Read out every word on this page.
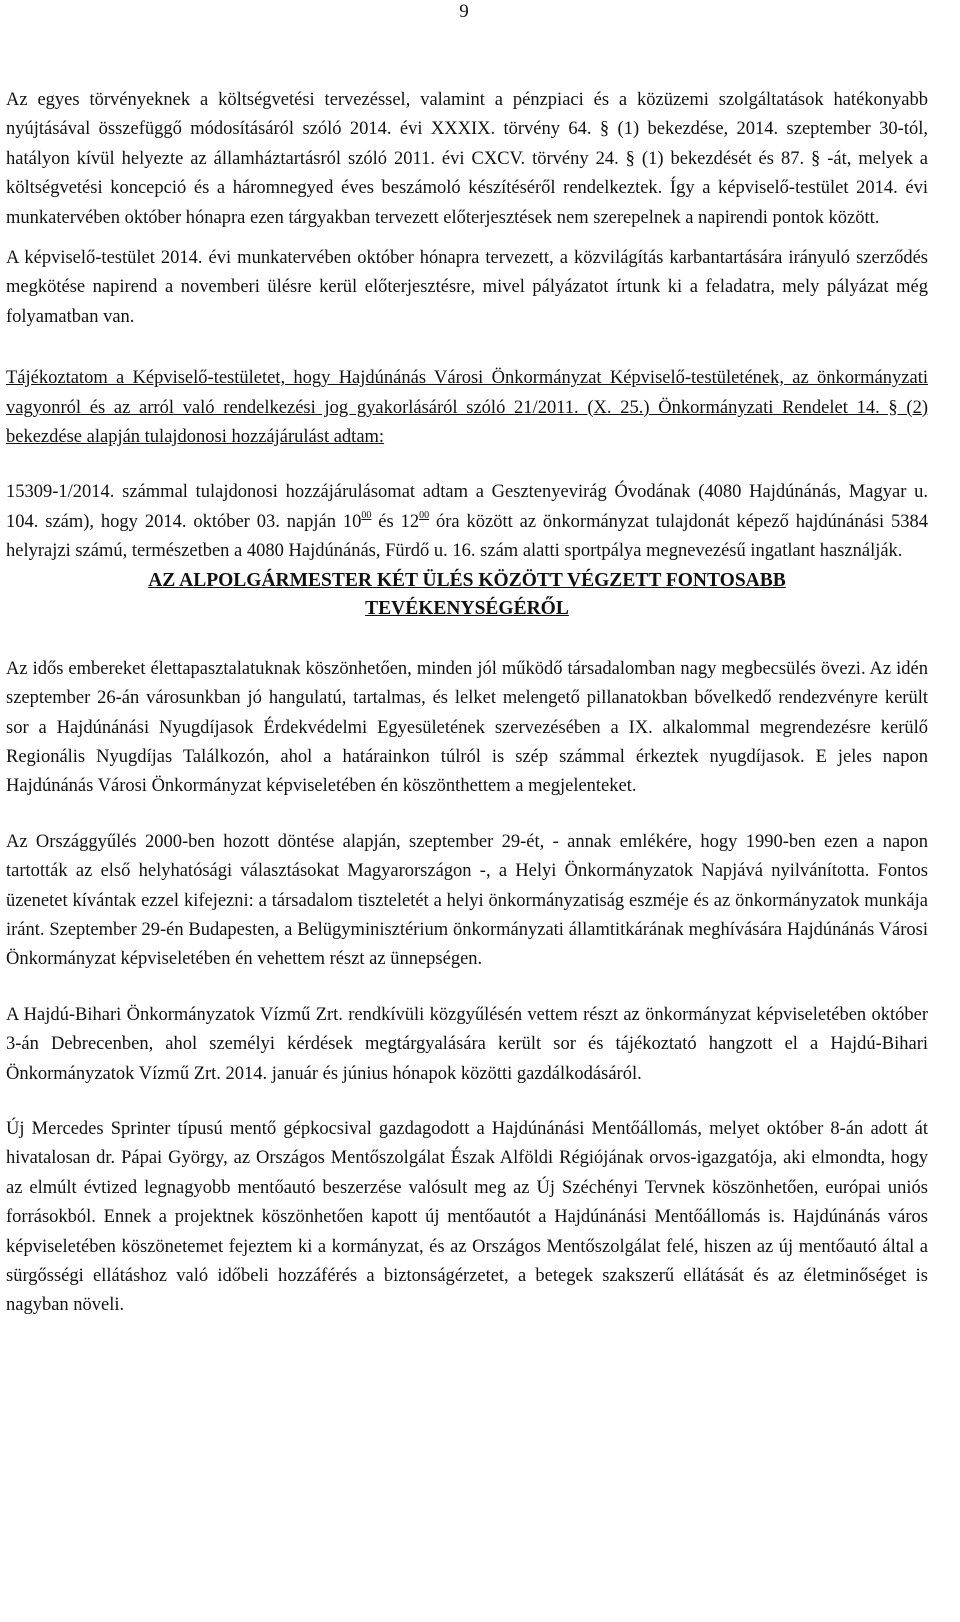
9

Az egyes törvényeknek a költségvetési tervezéssel, valamint a pénzpiaci és a közüzemi szolgáltatások hatékonyabb nyújtásával összefüggő módosításáról szóló 2014. évi XXXIX. törvény 64. § (1) bekezdése, 2014. szeptember 30-tól, hatályon kívül helyezte az államháztartásról szóló 2011. évi CXCV. törvény 24. § (1) bekezdését és 87. § -át, melyek a költségvetési koncepció és a háromnegyed éves beszámoló készítéséről rendelkeztek. Így a képviselő-testület 2014. évi munkatervében október hónapra ezen tárgyakban tervezett előterjesztések nem szerepelnek a napirendi pontok között.

A képviselő-testület 2014. évi munkatervében október hónapra tervezett, a közvilágítás karbantartására irányuló szerződés megkötése napirend a novemberi ülésre kerül előterjesztésre, mivel pályázatot írtunk ki a feladatra, mely pályázat még folyamatban van.

Tájékoztatom a Képviselő-testületet, hogy Hajdúnánás Városi Önkormányzat Képviselő-testületének, az önkormányzati vagyonról és az arról való rendelkezési jog gyakorlásáról szóló 21/2011. (X. 25.) Önkormányzati Rendelet 14. § (2) bekezdése alapján tulajdonosi hozzájárulást adtam:

15309-1/2014. számmal tulajdonosi hozzájárulásomat adtam a Gesztenyevirág Óvodának (4080 Hajdúnánás, Magyar u. 104. szám), hogy 2014. október 03. napján $10^{00}$ és $12^{00}$ óra között az önkormányzat tulajdonát képező hajdúnánási 5384 helyrajzi számú, természetben a 4080 Hajdúnánás, Fürdő u. 16. szám alatti sportpálya megnevezésű ingatlant használják.

AZ ALPOLGÁRMESTER KÉT ÜLÉS KÖZÖTT VÉGZETT FONTOSABB
TEVÉKENYSÉGÉRŐL

Az idős embereket élettapasztalatuknak köszönhetően, minden jól működő társadalomban nagy megbecsülés övezi. Az idén szeptember 26-án városunkban jó hangulatú, tartalmas, és lelket melengető pillanatokban bővelkedő rendezvényre került sor a Hajdúnánási Nyugdíjasok Érdekvédelmi Egyesületének szervezésében a IX. alkalommal megrendezésre kerülő Regionális Nyugdíjas Találkozón, ahol a határainkon túlról is szép számmal érkeztek nyugdíjasok. E jeles napon Hajdúnánás Városi Önkormányzat képviseletében én köszönthettem a megjelenteket.

Az Országgyűlés 2000-ben hozott döntése alapján, szeptember 29-ét, - annak emlékére, hogy 1990-ben ezen a napon tartották az első helyhatósági választásokat Magyarországon -, a Helyi Önkormányzatok Napjává nyilvánította. Fontos üzenetet kívántak ezzel kifejezni: a társadalom tiszteletét a helyi önkormányzatiság eszméje és az önkormányzatok munkája iránt. Szeptember 29-én Budapesten, a Belügyminisztérium önkormányzati államtitkárának meghívására Hajdúnánás Városi Önkormányzat képviseletében én vehettem részt az ünnepségen.

A Hajdú-Bihari Önkormányzatok Vízmű Zrt. rendkívüli közgyűlésén vettem részt az önkormányzat képviseletében október 3-án Debrecenben, ahol személyi kérdések megtárgyalására került sor és tájékoztató hangzott el a Hajdú-Bihari Önkormányzatok Vízmű Zrt. 2014. január és június hónapok közötti gazdálkodásáról.

Új Mercedes Sprinter típusú mentő gépkocsival gazdagodott a Hajdúnánási Mentőállomás, melyet október 8-án adott át hivatalosan dr. Pápai György, az Országos Mentőszolgálat Észak Alföldi Régiójának orvos-igazgatója, aki elmondta, hogy az elmúlt évtized legnagyobb mentőautó beszerzése valósult meg az Új Széchényi Tervnek köszönhetően, európai uniós forrásokból. Ennek a projektnek köszönhetően kapott új mentőautót a Hajdúnánási Mentőállomás is. Hajdúnánás város képviseletében köszönetemet fejeztem ki a kormányzat, és az Országos Mentőszolgálat felé, hiszen az új mentőautó által a sürgősségi ellátáshoz való időbeli hozzáférés a biztonságérzetet, a betegek szakszerű ellátását és az életminőséget is nagyban növeli.
